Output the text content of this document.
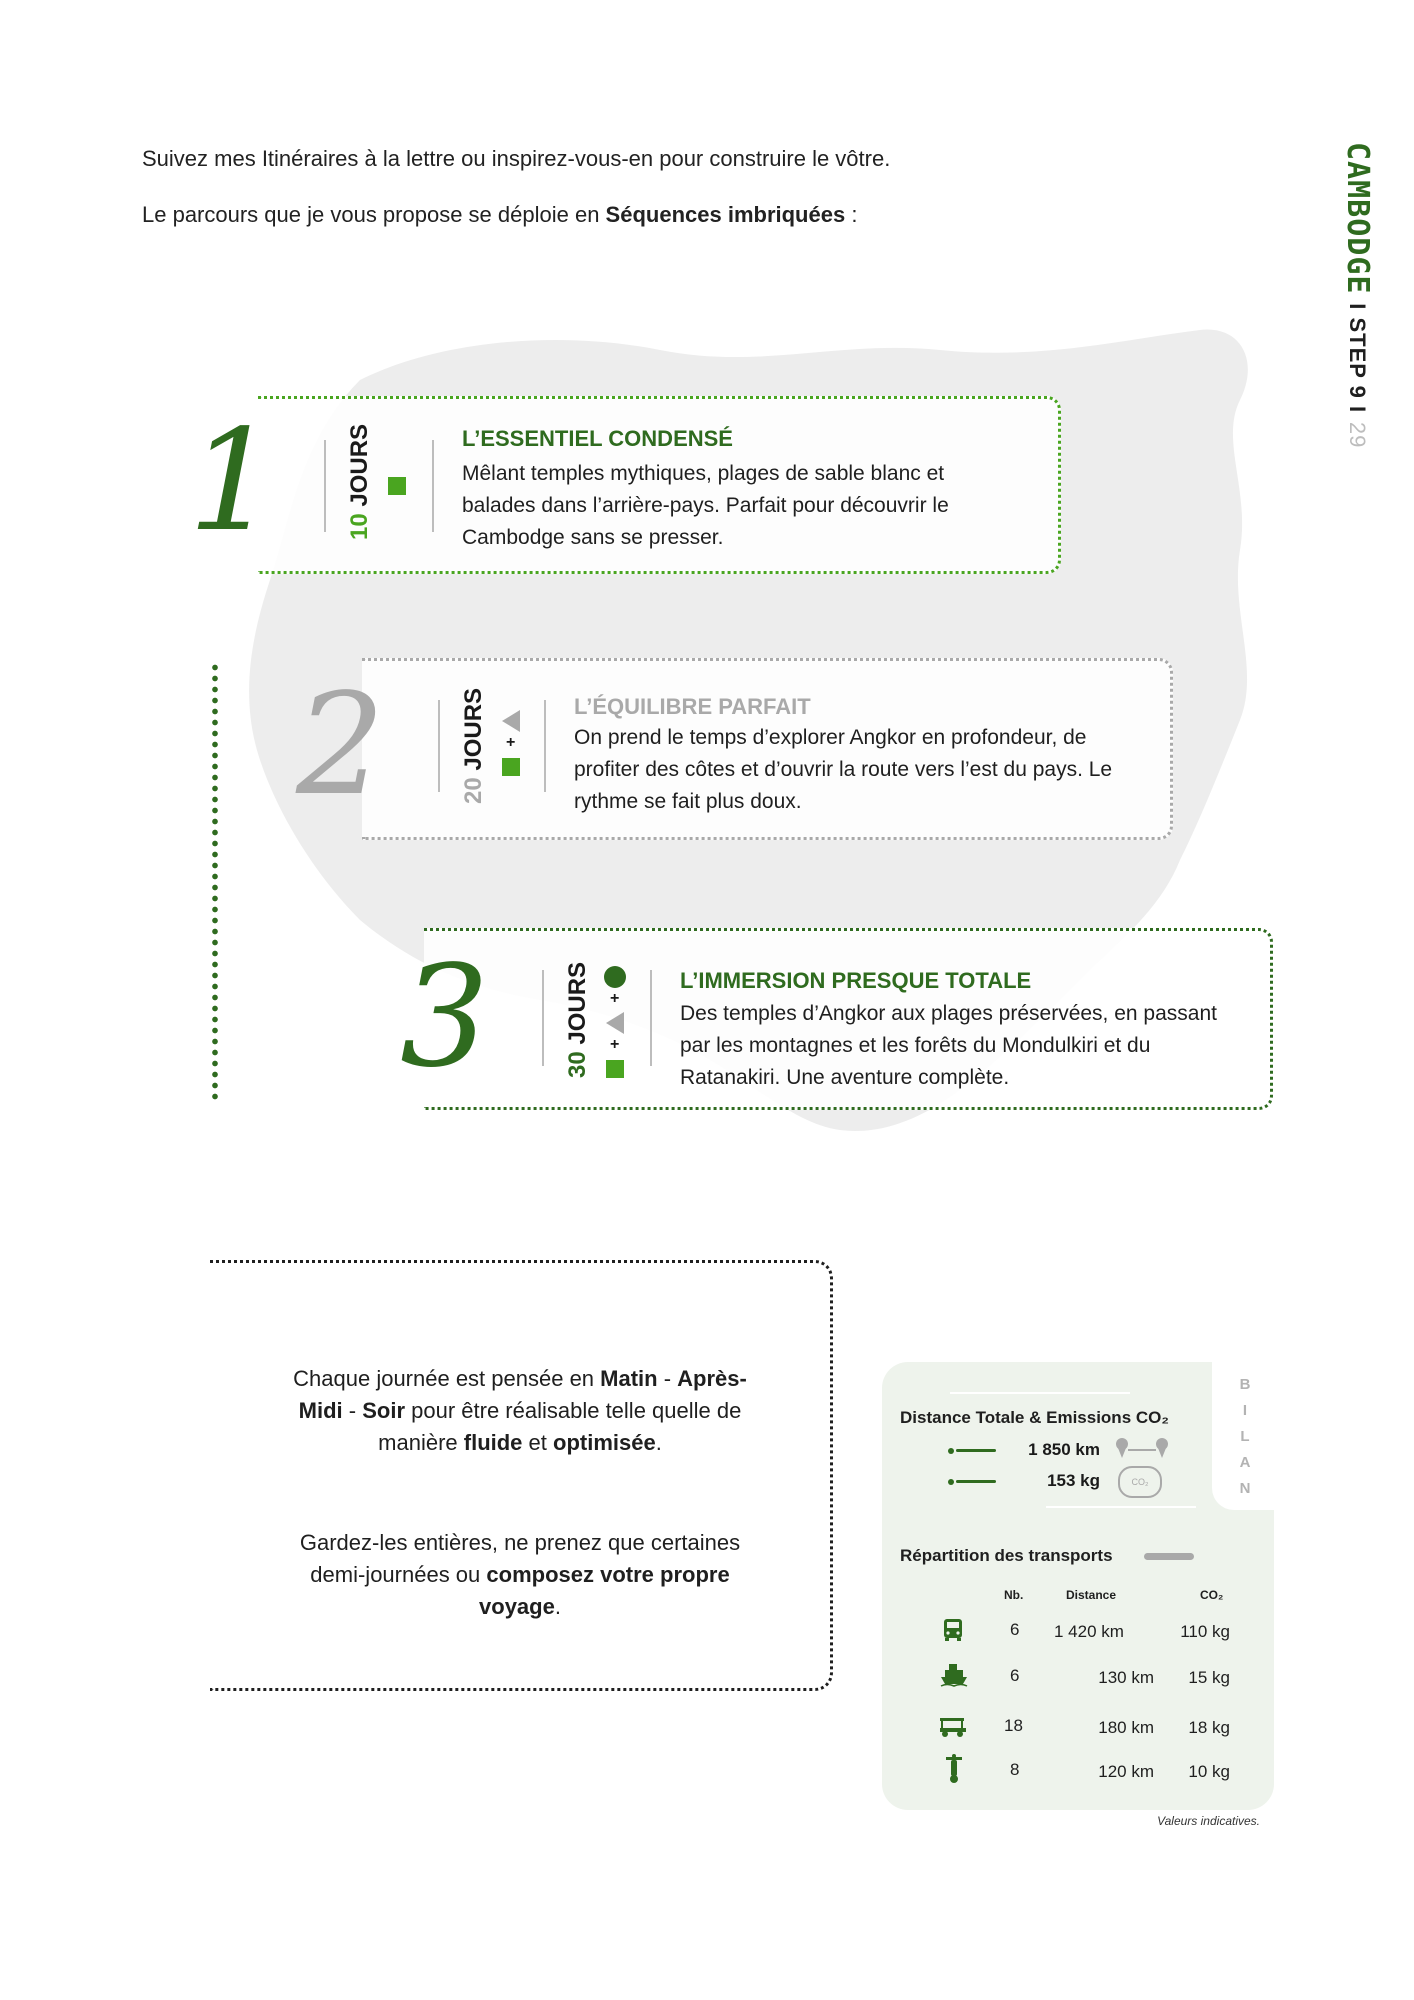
CAMBODGE I STEP 9 I 29
Suivez mes Itinéraires à la lettre ou inspirez-vous-en pour construire le vôtre.
Le parcours que je vous propose se déploie en Séquences imbriquées :
1	10 JOURS	L’ESSENTIEL CONDENSÉ
Mêlant temples mythiques, plages de sable blanc et balades dans l’arrière-pays. Parfait pour découvrir le Cambodge sans se presser.
2	20 JOURS +
L’ÉQUILIBRE PARFAIT
On prend le temps d’explorer Angkor en profondeur, de profiter des côtes et d’ouvrir la route vers l’est du pays. Le rythme se fait plus doux.
3	30 JOURS +
+
L’IMMERSION PRESQUE TOTALE
Des temples d’Angkor aux plages préservées, en passant par les montagnes et les forêts du Mondulkiri et du Ratanakiri. Une aventure complète.
Chaque journée est pensée en Matin - Après-
Midi - Soir pour être réalisable telle quelle de
manière fluide et optimisée.
Gardez-les entières, ne prenez que certaines
demi-journées ou composez votre propre
voyage.
B
I
L
A
N
Distance Totale & Emissions CO₂
1 850 km
153 kg	CO₂
Répartition des transports
Nb.	Distance	CO₂
6 1 420 km	110 kg
6	130 km	15 kg
18	180 km	18 kg
8	120 km	10 kg
Valeurs indicatives.
